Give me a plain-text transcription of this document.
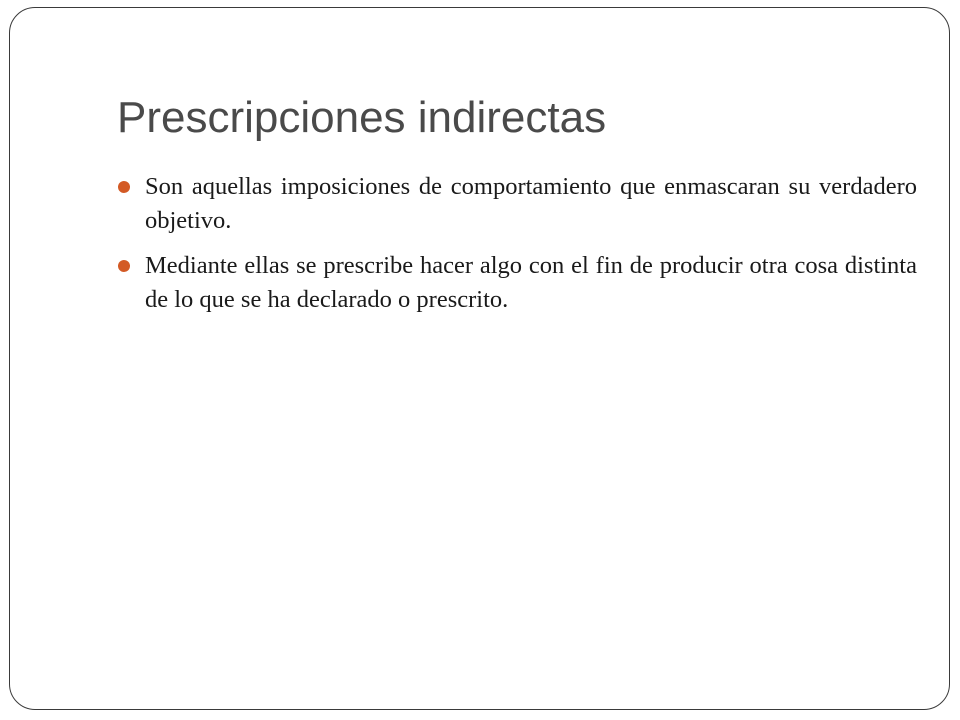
Prescripciones indirectas
Son aquellas imposiciones de comportamiento que enmascaran su verdadero objetivo.
Mediante ellas se prescribe hacer algo con el fin de producir otra cosa distinta de lo que se ha declarado o prescrito.
